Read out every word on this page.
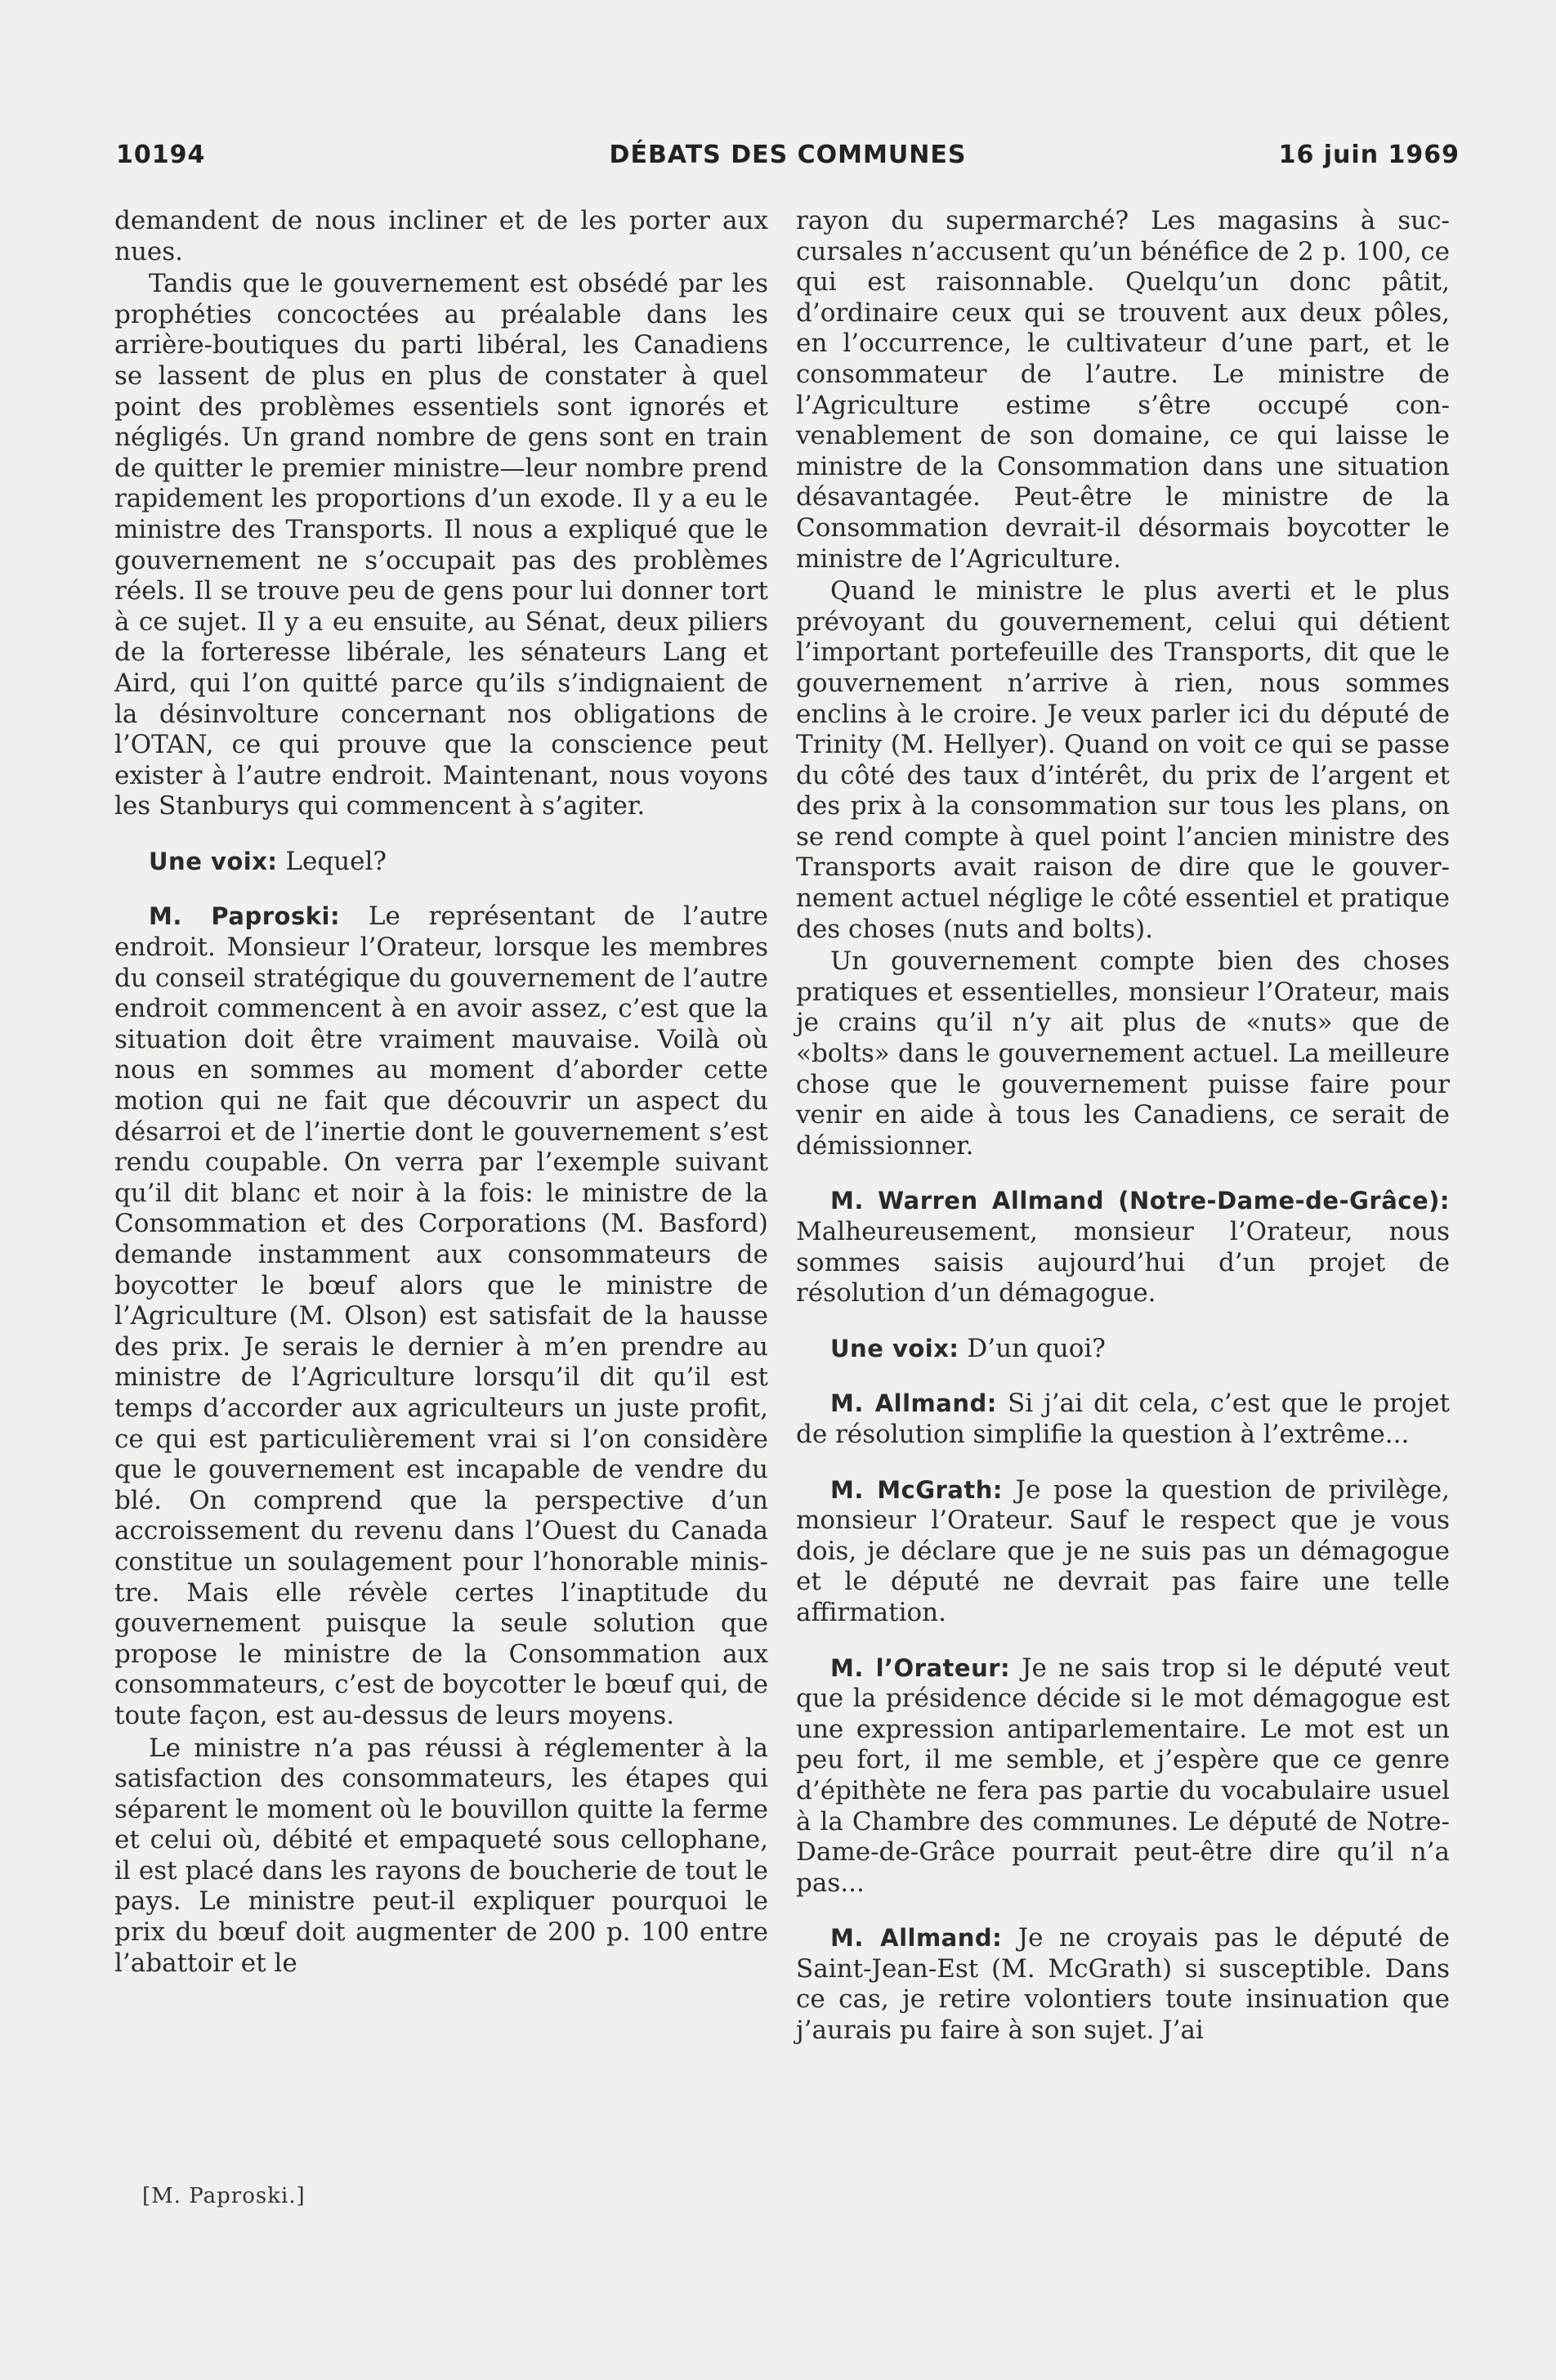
10194	DÉBATS DES COMMUNES	16 juin 1969

demandent de nous incliner et de les porter aux nues.

Tandis que le gouvernement est obsédé par les prophéties concoctées au préalable dans les arrière-boutiques du parti libéral, les Canadiens se lassent de plus en plus de constater à quel point des problèmes essentiels sont ignorés et négligés. Un grand nombre de gens sont en train de quitter le premier ministre—leur nombre prend rapidement les proportions d’un exode. Il y a eu le ministre des Transports. Il nous a expliqué que le gouvernement ne s’occupait pas des problèmes réels. Il se trouve peu de gens pour lui donner tort à ce sujet. Il y a eu ensuite, au Sénat, deux piliers de la forteresse libérale, les sénateurs Lang et Aird, qui l’on quitté parce qu’ils s’indignaient de la désinvolture concernant nos obligations de l’OTAN, ce qui prouve que la conscience peut exister à l’autre endroit. Maintenant, nous voyons les Stanburys qui commencent à s’agiter.

Une voix: Lequel?

M. Paproski: Le représentant de l’autre endroit. Monsieur l’Orateur, lorsque les membres du conseil stratégique du gouvernement de l’autre endroit commencent à en avoir assez, c’est que la situation doit être vraiment mauvaise. Voilà où nous en sommes au moment d’aborder cette motion qui ne fait que découvrir un aspect du désarroi et de l’inertie dont le gouvernement s’est rendu coupable. On verra par l’exemple suivant qu’il dit blanc et noir à la fois: le ministre de la Consommation et des Corporations (M. Basford) demande instamment aux consommateurs de boycotter le bœuf alors que le ministre de l’Agriculture (M. Olson) est satisfait de la hausse des prix. Je serais le dernier à m’en prendre au ministre de l’Agriculture lorsqu’il dit qu’il est temps d’accorder aux agriculteurs un juste profit, ce qui est particulièrement vrai si l’on considère que le gouvernement est incapable de vendre du blé. On comprend que la perspective d’un accroissement du revenu dans l’Ouest du Canada constitue un soulagement pour l’honorable ministre. Mais elle révèle certes l’inaptitude du gouvernement puisque la seule solution que propose le ministre de la Consommation aux consommateurs, c’est de boycotter le bœuf qui, de toute façon, est au-dessus de leurs moyens.

Le ministre n’a pas réussi à réglementer à la satisfaction des consommateurs, les étapes qui séparent le moment où le bouvillon quitte la ferme et celui où, débité et empaqueté sous cellophane, il est placé dans les rayons de boucherie de tout le pays. Le ministre peut-il expliquer pourquoi le prix du bœuf doit augmenter de 200 p. 100 entre l’abattoir et le

rayon du supermarché? Les magasins à succursales n’accusent qu’un bénéfice de 2 p. 100, ce qui est raisonnable. Quelqu’un donc pâtit, d’ordinaire ceux qui se trouvent aux deux pôles, en l’occurrence, le cultivateur d’une part, et le consommateur de l’autre. Le ministre de l’Agriculture estime s’être occupé convenablement de son domaine, ce qui laisse le ministre de la Consommation dans une situation désavantagée. Peut-être le ministre de la Consommation devrait-il désormais boycotter le ministre de l’Agriculture.

Quand le ministre le plus averti et le plus prévoyant du gouvernement, celui qui détient l’important portefeuille des Transports, dit que le gouvernement n’arrive à rien, nous sommes enclins à le croire. Je veux parler ici du député de Trinity (M. Hellyer). Quand on voit ce qui se passe du côté des taux d’intérêt, du prix de l’argent et des prix à la consommation sur tous les plans, on se rend compte à quel point l’ancien ministre des Transports avait raison de dire que le gouvernement actuel néglige le côté essentiel et pratique des choses (nuts and bolts).

Un gouvernement compte bien des choses pratiques et essentielles, monsieur l’Orateur, mais je crains qu’il n’y ait plus de «nuts» que de «bolts» dans le gouvernement actuel. La meilleure chose que le gouvernement puisse faire pour venir en aide à tous les Canadiens, ce serait de démissionner.

M. Warren Allmand (Notre-Dame-de-Grâce): Malheureusement, monsieur l’Orateur, nous sommes saisis aujourd’hui d’un projet de résolution d’un démagogue.

Une voix: D’un quoi?

M. Allmand: Si j’ai dit cela, c’est que le projet de résolution simplifie la question à l’extrême...

M. McGrath: Je pose la question de privilège, monsieur l’Orateur. Sauf le respect que je vous dois, je déclare que je ne suis pas un démagogue et le député ne devrait pas faire une telle affirmation.

M. l’Orateur: Je ne sais trop si le député veut que la présidence décide si le mot démagogue est une expression antiparlementaire. Le mot est un peu fort, il me semble, et j’espère que ce genre d’épithète ne fera pas partie du vocabulaire usuel à la Chambre des communes. Le député de Notre-Dame-de-Grâce pourrait peut-être dire qu’il n’a pas...

M. Allmand: Je ne croyais pas le député de Saint-Jean-Est (M. McGrath) si susceptible. Dans ce cas, je retire volontiers toute insinuation que j’aurais pu faire à son sujet. J’ai

[M. Paproski.]
